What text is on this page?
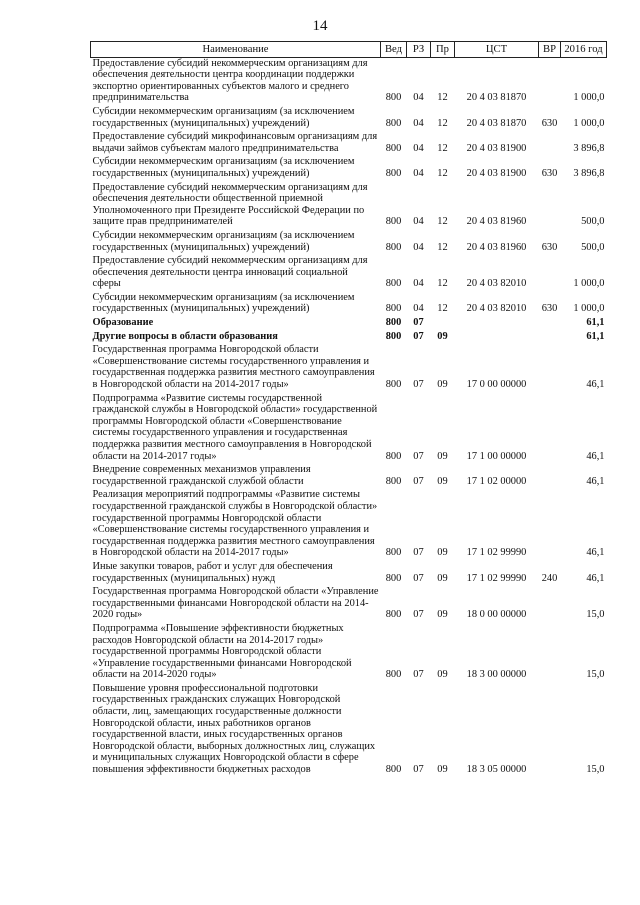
14
Наименование	Вед	РЗ	Пр	ЦСТ	ВР	2016 год
Предоставление субсидий некоммерческим организациям для обеспечения деятельности центра координации поддержки экспортно ориентированных субъектов малого и среднего предпринимательства	800	04	12	20 4 03 81870		1 000,0
Субсидии некоммерческим организациям (за исключением государственных (муниципальных) учреждений)	800	04	12	20 4 03 81870	630	1 000,0
Предоставление субсидий микрофинансовым организациям для выдачи займов субъектам малого предпринимательства	800	04	12	20 4 03 81900		3 896,8
Субсидии некоммерческим организациям (за исключением государственных (муниципальных) учреждений)	800	04	12	20 4 03 81900	630	3 896,8
Предоставление субсидий некоммерческим организациям для обеспечения деятельности общественной приемной Уполномоченного при Президенте Российской Федерации по защите прав предпринимателей	800	04	12	20 4 03 81960		500,0
Субсидии некоммерческим организациям (за исключением государственных (муниципальных) учреждений)	800	04	12	20 4 03 81960	630	500,0
Предоставление субсидий некоммерческим организациям для обеспечения деятельности центра инноваций социальной сферы	800	04	12	20 4 03 82010		1 000,0
Субсидии некоммерческим организациям (за исключением государственных (муниципальных) учреждений)	800	04	12	20 4 03 82010	630	1 000,0
Образование	800	07				61,1
Другие вопросы в области образования	800	07	09			61,1
Государственная программа Новгородской области «Совершенствование системы государственного управления и государственная поддержка развития местного самоуправления в Новгородской области на 2014-2017 годы»	800	07	09	17 0 00 00000		46,1
Подпрограмма «Развитие системы государственной гражданской службы в Новгородской области» государственной программы Новгородской области «Совершенствование системы государственного управления и государственная поддержка развития местного самоуправления в Новгородской области на 2014-2017 годы»	800	07	09	17 1 00 00000		46,1
Внедрение современных механизмов управления государственной гражданской службой области	800	07	09	17 1 02 00000		46,1
Реализация мероприятий подпрограммы «Развитие системы государственной гражданской службы в Новгородской области» государственной программы Новгородской области «Совершенствование системы государственного управления и государственная поддержка развития местного самоуправления в Новгородской области на 2014-2017 годы»	800	07	09	17 1 02 99990		46,1
Иные закупки товаров, работ и услуг для обеспечения государственных (муниципальных) нужд	800	07	09	17 1 02 99990	240	46,1
Государственная программа Новгородской области «Управление государственными финансами Новгородской области на 2014-2020 годы»	800	07	09	18 0 00 00000		15,0
Подпрограмма «Повышение эффективности бюджетных расходов Новгородской области на 2014-2017 годы» государственной программы Новгородской области «Управление государственными финансами Новгородской области на 2014-2020 годы»	800	07	09	18 3 00 00000		15,0
Повышение уровня профессиональной подготовки государственных гражданских служащих Новгородской области, лиц, замещающих государственные должности Новгородской области, иных работников органов государственной власти, иных государственных органов Новгородской области, выборных должностных лиц, служащих и муниципальных служащих Новгородской области в сфере повышения эффективности бюджетных расходов	800	07	09	18 3 05 00000		15,0
